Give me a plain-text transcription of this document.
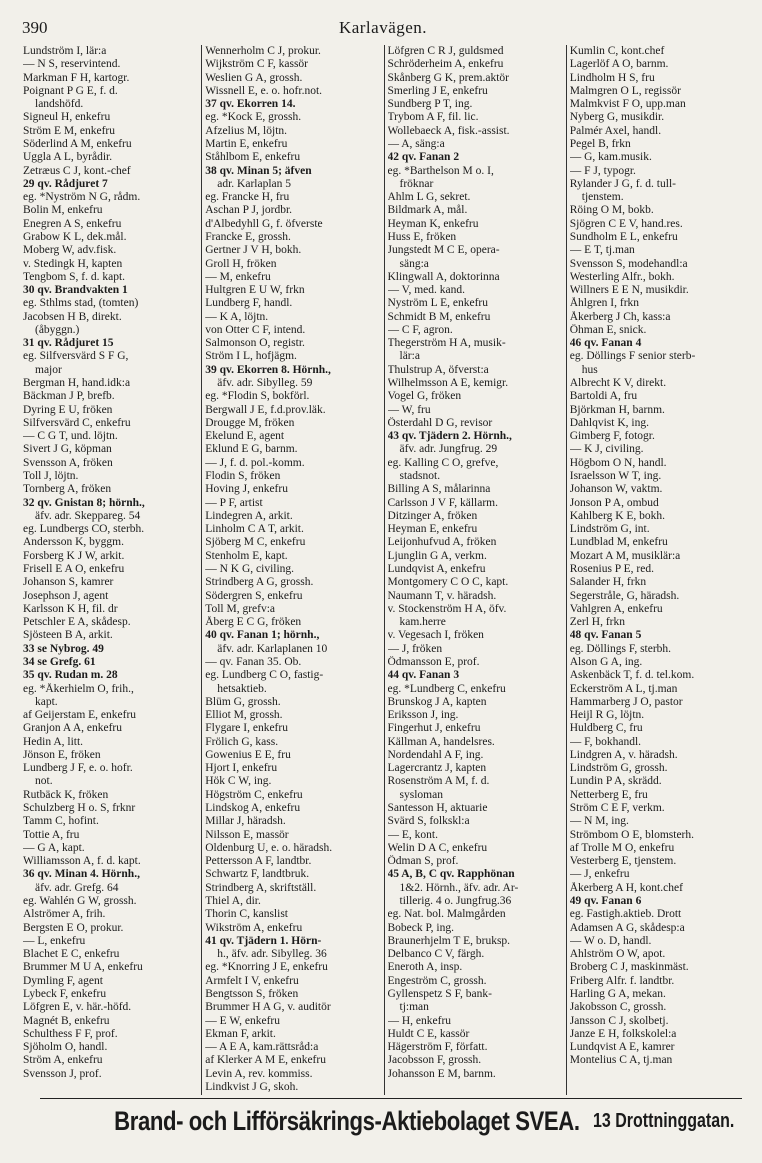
390	Karlavägen.
Lundström I, lär:a
— N S, reservintend.
Markman F H, kartogr.
Poignant P G E, f. d.
landshöfd.
Signeul H, enkefru
Ström E M, enkefru
Söderlind A M, enkefru
Uggla A L, byrådir.
Zetræus C J, kont.-chef
29 qv. Rådjuret 7
eg. *Nyström N G, rådm.
Bolin M, enkefru
Enegren A S, enkefru
Grabow K L, dek.mål.
Moberg W, adv.fisk.
v. Stedingk H, kapten
Tengbom S, f. d. kapt.
30 qv. Brandvakten 1
eg. Sthlms stad, (tomten)
Jacobsen H B, direkt.
(åbyggn.)
31 qv. Rådjuret 15
eg. Silfversvärd S F G,
major
Bergman H, hand.idk:a
Bäckman J P, brefb.
Dyring E U, fröken
Silfversvärd C, enkefru
— C G T, und. löjtn.
Sivert J G, köpman
Svensson A, fröken
Toll J, löjtn.
Tornberg A, fröken
32 qv. Gnistan 8; hörnh.,
äfv. adr. Skeppareg. 54
eg. Lundbergs CO, sterbh.
Andersson K, byggm.
Forsberg K J W, arkit.
Frisell E A O, enkefru
Johanson S, kamrer
Josephson J, agent
Karlsson K H, fil. dr
Petschler E A, skådesp.
Sjösteen B A, arkit.
33 se Nybrog. 49
34 se Grefg. 61
35 qv. Rudan m. 28
eg. *Åkerhielm O, frih.,
kapt.
af Geijerstam E, enkefru
Granjon A A, enkefru
Hedin A, litt.
Jönson E, fröken
Lundberg J F, e. o. hofr.
not.
Rutbäck K, fröken
Schulzberg H o. S, frknr
Tamm C, hofint.
Tottie A, fru
— G A, kapt.
Williamsson A, f. d. kapt.
36 qv. Minan 4. Hörnh.,
äfv. adr. Grefg. 64
eg. Wahlén G W, grossh.
Alströmer A, frih.
Bergsten E O, prokur.
— L, enkefru
Blachet E C, enkefru
Brummer M U A, enkefru
Dymling F, agent
Lybeck F, enkefru
Löfgren E, v. här.-höfd.
Magnét B, enkefru
Schulthess F F, prof.
Sjöholm O, handl.
Ström A, enkefru
Svensson J, prof.
Wennerholm C J, prokur.
Wijkström C F, kassör
Weslien G A, grossh.
Wissnell E, e. o. hofr.not.
37 qv. Ekorren 14.
eg. *Kock E, grossh.
Afzelius M, löjtn.
Martin E, enkefru
Ståhlbom E, enkefru
38 qv. Minan 5; äfven
adr. Karlaplan 5
eg. Francke H, fru
Aschan P J, jordbr.
d'Albedyhll G, f. öfverste
Francke E, grossh.
Gertner J V H, bokh.
Groll H, fröken
— M, enkefru
Hultgren E U W, frkn
Lundberg F, handl.
— K A, löjtn.
von Otter C F, intend.
Salmonson O, registr.
Ström I L, hofjägm.
39 qv. Ekorren 8. Hörnh.,
äfv. adr. Sibylleg. 59
eg. *Flodin S, bokförl.
Bergwall J E, f.d.prov.läk.
Drougge M, fröken
Ekelund E, agent
Eklund E G, barnm.
— J, f. d. pol.-komm.
Flodin S, fröken
Hoving J, enkefru
— P F, artist
Lindegren A, arkit.
Linholm C A T, arkit.
Sjöberg M C, enkefru
Stenholm E, kapt.
— N K G, civiling.
Strindberg A G, grossh.
Södergren S, enkefru
Toll M, grefv:a
Åberg E C G, fröken
40 qv. Fanan 1; hörnh.,
äfv. adr. Karlaplanen 10
— qv. Fanan 35. Ob.
eg. Lundberg C O, fastig-
hetsaktieb.
Blüm G, grossh.
Elliot M, grossh.
Flygare I, enkefru
Frölich G, kass.
Gowenius E E, fru
Hjort I, enkefru
Hök C W, ing.
Högström C, enkefru
Lindskog A, enkefru
Millar J, häradsh.
Nilsson E, massör
Oldenburg U, e. o. häradsh.
Pettersson A F, landtbr.
Schwartz F, landtbruk.
Strindberg A, skriftställ.
Thiel A, dir.
Thorin C, kanslist
Wikström A, enkefru
41 qv. Tjädern 1. Hörn-
h., äfv. adr. Sibylleg. 36
eg. *Knorring J E, enkefru
Armfelt I V, enkefru
Bengtsson S, fröken
Brummer H A G, v. auditör
— E W, enkefru
Ekman F, arkit.
— A E A, kam.rättsråd:a
af Klerker A M E, enkefru
Levin A, rev. kommiss.
Lindkvist J G, skoh.
Löfgren C R J, guldsmed
Schröderheim A, enkefru
Skånberg G K, prem.aktör
Smerling J E, enkefru
Sundberg P T, ing.
Trybom A F, fil. lic.
Wollebaeck A, fisk.-assist.
— A, säng:a
42 qv. Fanan 2
eg. *Barthelson M o. I,
fröknar
Ahlm L G, sekret.
Bildmark A, mål.
Heyman K, enkefru
Huss E, fröken
Jungstedt M C E, opera-
säng:a
Klingwall A, doktorinna
— V, med. kand.
Nyström L E, enkefru
Schmidt B M, enkefru
— C F, agron.
Thegerström H A, musik-
lär:a
Thulstrup A, öfverst:a
Wilhelmsson A E, kemigr.
Vogel G, fröken
— W, fru
Österdahl D G, revisor
43 qv. Tjädern 2. Hörnh.,
äfv. adr. Jungfrug. 29
eg. Kalling C O, grefve,
stadsnot.
Billing A S, målarinna
Carlsson J V F, källarm.
Ditzinger A, fröken
Heyman E, enkefru
Leijonhufvud A, fröken
Ljunglin G A, verkm.
Lundqvist A, enkefru
Montgomery C O C, kapt.
Naumann T, v. häradsh.
v. Stockenström H A, öfv.
kam.herre
v. Vegesach I, fröken
— J, fröken
Ödmansson E, prof.
44 qv. Fanan 3
eg. *Lundberg C, enkefru
Brunskog J A, kapten
Eriksson J, ing.
Fingerhut J, enkefru
Källman A, handelsres.
Nordendahl A F, ing.
Lagercrantz J, kapten
Rosenström A M, f. d.
sysloman
Santesson H, aktuarie
Svärd S, folkskl:a
— E, kont.
Welin D A C, enkefru
Ödman S, prof.
45 A, B, C qv. Rapphönan
1&2. Hörnh., äfv. adr. Ar-
tillerig. 4 o. Jungfrug.36
eg. Nat. bol. Malmgården
Bobeck P, ing.
Braunerhjelm T E, bruksp.
Delbanco C V, färgh.
Eneroth A, insp.
Engeström C, grossh.
Gyllenspetz S F, bank-
tj:man
— H, enkefru
Huldt C E, kassör
Hägerström F, författ.
Jacobsson F, grossh.
Johansson E M, barnm.
Kumlin C, kont.chef
Lagerlöf A O, barnm.
Lindholm H S, fru
Malmgren O L, regissör
Malmkvist F O, upp.man
Nyberg G, musikdir.
Palmér Axel, handl.
Pegel B, frkn
— G, kam.musik.
— F J, typogr.
Rylander J G, f. d. tull-
tjenstem.
Röing O M, bokb.
Sjögren C E V, hand.res.
Sundholm E L, enkefru
— E T, tj.man
Svensson S, modehandl:a
Westerling Alfr., bokh.
Willners E E N, musikdir.
Åhlgren I, frkn
Åkerberg J Ch, kass:a
Öhman E, snick.
46 qv. Fanan 4
eg. Döllings F senior sterb-
hus
Albrecht K V, direkt.
Bartoldi A, fru
Björkman H, barnm.
Dahlqvist K, ing.
Gimberg F, fotogr.
— K J, civiling.
Högbom O N, handl.
Israelsson W T, ing.
Johanson W, vaktm.
Jonson P A, ombud
Kahlberg K E, bokh.
Lindström G, int.
Lundblad M, enkefru
Mozart A M, musiklär:a
Rosenius P E, red.
Salander H, frkn
Segerstråle, G, häradsh.
Vahlgren A, enkefru
Zerl H, frkn
48 qv. Fanan 5
eg. Döllings F, sterbh.
Alson G A, ing.
Askenbäck T, f. d. tel.kom.
Eckerström A L, tj.man
Hammarberg J O, pastor
Heijl R G, löjtn.
Huldberg C, fru
— F, bokhandl.
Lindgren A, v. häradsh.
Lindström G, grossh.
Lundin P A, skrädd.
Netterberg E, fru
Ström C E F, verkm.
— N M, ing.
Strömbom O E, blomsterh.
af Trolle M O, enkefru
Vesterberg E, tjenstem.
— J, enkefru
Åkerberg A H, kont.chef
49 qv. Fanan 6
eg. Fastigh.aktieb. Drott
Adamsen A G, skådesp:a
— W o. D, handl.
Ahlström O W, apot.
Broberg C J, maskinmäst.
Friberg Alfr. f. landtbr.
Harling G A, mekan.
Jakobsson C, grossh.
Jansson C J, skolbetj.
Janze E H, folkskolel:a
Lundqvist A E, kamrer
Montelius C A, tj.man
Brand- och Lifförsäkrings-Aktiebolaget SVEA. 13 Drottninggatan.
